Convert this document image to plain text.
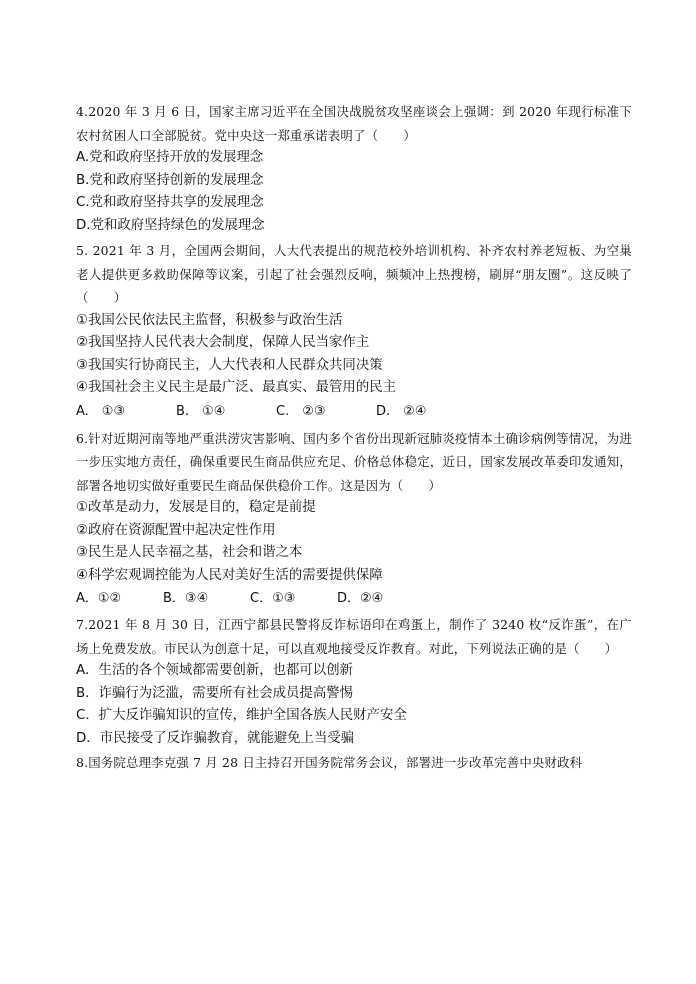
4.2020 年 3 月 6 日，国家主席习近平在全国决战脱贫攻坚座谈会上强调：到 2020 年现行标准下农村贫困人口全部脱贫。党中央这一郑重承诺表明了（　　）

A.党和政府坚持开放的发展理念

B.党和政府坚持创新的发展理念

C.党和政府坚持共享的发展理念

D.党和政府坚持绿色的发展理念

5. 2021 年 3 月，全国两会期间，人大代表提出的规范校外培训机构、补齐农村养老短板、为空巢老人提供更多救助保障等议案，引起了社会强烈反响，频频冲上热搜榜，刷屏“朋友圈”。这反映了（　　）

①我国公民依法民主监督，积极参与政治生活

②我国坚持人民代表大会制度，保障人民当家作主

③我国实行协商民主，人大代表和人民群众共同决策

④我国社会主义民主是最广泛、最真实、最管用的民主

A.　①③	B.　①④	C.　②③	D.　②④

6.针对近期河南等地严重洪涝灾害影响、国内多个省份出现新冠肺炎疫情本土确诊病例等情况，为进一步压实地方责任，确保重要民生商品供应充足、价格总体稳定，近日，国家发展改革委印发通知，部署各地切实做好重要民生商品保供稳价工作。这是因为（　　）

①改革是动力，发展是目的，稳定是前提

②政府在资源配置中起决定性作用

③民生是人民幸福之基，社会和谐之本

④科学宏观调控能为人民对美好生活的需要提供保障

A．①②	B．③④	C．①③	D．②④

7.2021 年 8 月 30 日，江西宁都县民警将反诈标语印在鸡蛋上，制作了 3240 枚“反诈蛋”，在广场上免费发放。市民认为创意十足，可以直观地接受反诈教育。对此，下列说法正确的是（　　）

A．生活的各个领域都需要创新，也都可以创新

B．诈骗行为泛滥，需要所有社会成员提高警惕

C．扩大反诈骗知识的宣传，维护全国各族人民财产安全

D．市民接受了反诈骗教育，就能避免上当受骗

8.国务院总理李克强 7 月 28 日主持召开国务院常务会议，部署进一步改革完善中央财政科
